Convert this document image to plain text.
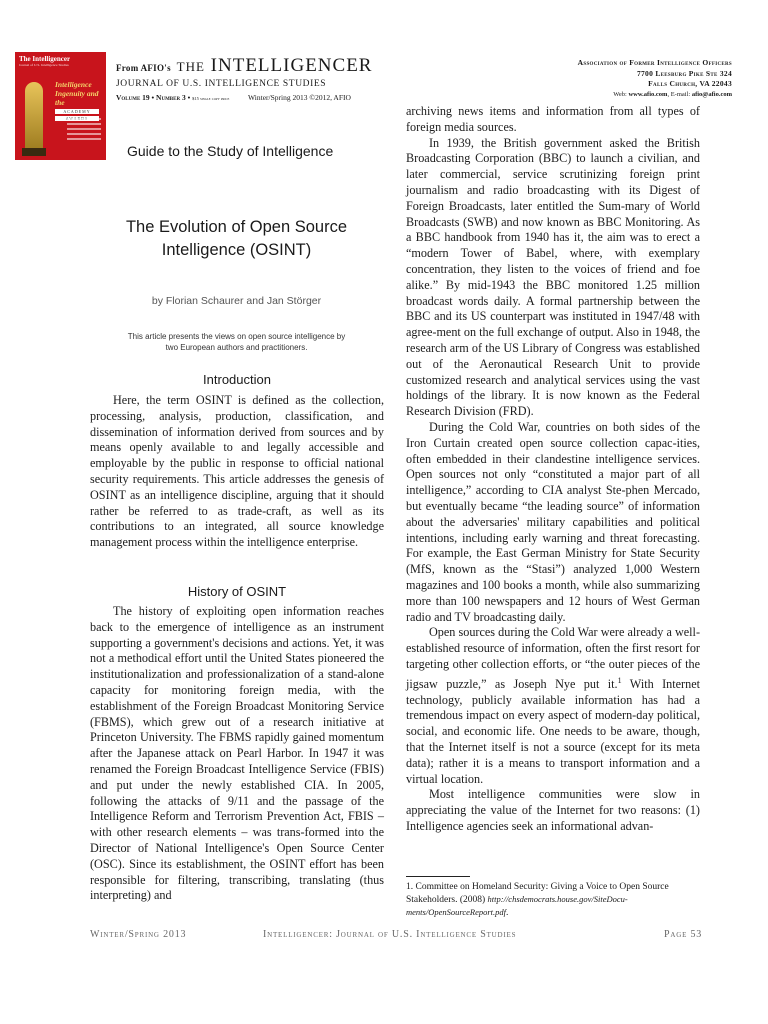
The Intelligencer
Journal of U.S. Intelligence Studies
Intelligence Ingenuity and the
ACADEMY
From AFIO's THE INTELLIGENCER
JOURNAL OF U.S. INTELLIGENCE STUDIES
Volume 19 • Number 3 • $15 single copy price Winter/Spring 2013 ©2012, AFIO
Association of Former Intelligence Officers
7700 Leesburg Pike Ste 324
Falls Church, VA 22043
Web: www.afio.com, E-mail: afio@afio.com
Guide to the Study of Intelligence
The Evolution of Open Source
Intelligence (OSINT)
by Florian Schaurer and Jan Störger
This article presents the views on open source intelligence by
two European authors and practitioners.
Introduction

Here, the term OSINT is defined as the collection, processing, analysis, production, classification, and dissemination of information derived from sources and by means openly available to and legally accessible and employable by the public in response to official national security requirements. This article addresses the genesis of OSINT as an intelligence discipline, arguing that it should rather be referred to as trade-craft, as well as its contributions to an integrated, all source knowledge management process within the intelligence enterprise.

History of OSINT

The history of exploiting open information reaches back to the emergence of intelligence as an instrument supporting a government's decisions and actions. Yet, it was not a methodical effort until the United States pioneered the institutionalization and professionalization of a stand-alone capacity for monitoring foreign media, with the establishment of the Foreign Broadcast Monitoring Service (FBMS), which grew out of a research initiative at Princeton University. The FBMS rapidly gained momentum after the Japanese attack on Pearl Harbor. In 1947 it was renamed the Foreign Broadcast Intelligence Service (FBIS) and put under the newly established CIA. In 2005, following the attacks of 9/11 and the passage of the Intelligence Reform and Terrorism Prevention Act, FBIS – with other research elements – was trans-formed into the Director of National Intelligence's Open Source Center (OSC). Since its establishment, the OSINT effort has been responsible for filtering, transcribing, translating (thus interpreting) and

archiving news items and information from all types of foreign media sources.

In 1939, the British government asked the British Broadcasting Corporation (BBC) to launch a civilian, and later commercial, service scrutinizing foreign print journalism and radio broadcasting with its Digest of Foreign Broadcasts, later entitled the Sum-mary of World Broadcasts (SWB) and now known as BBC Monitoring. As a BBC handbook from 1940 has it, the aim was to erect a “modern Tower of Babel, where, with exemplary concentration, they listen to the voices of friend and foe alike.” By mid-1943 the BBC monitored 1.25 million broadcast words daily. A formal partnership between the BBC and its US counterpart was instituted in 1947/48 with agree-ment on the full exchange of output. Also in 1948, the research arm of the US Library of Congress was established out of the Aeronautical Research Unit to provide customized research and analytical services using the vast holdings of the library. It is now known as the Federal Research Division (FRD).

During the Cold War, countries on both sides of the Iron Curtain created open source collection capac-ities, often embedded in their clandestine intelligence services. Open sources not only “constituted a major part of all intelligence,” according to CIA analyst Ste-phen Mercado, but eventually became “the leading source” of information about the adversaries' military capabilities and political intentions, including early warning and threat forecasting. For example, the East German Ministry for State Security (MfS, known as the “Stasi”) analyzed 1,000 Western magazines and 100 books a month, while also summarizing more than 100 newspapers and 12 hours of West German radio and TV broadcasting daily.

Open sources during the Cold War were already a well-established resource of information, often the first resort for targeting other collection efforts, or “the outer pieces of the jigsaw puzzle,” as Joseph Nye put it.$^1$ With Internet technology, publicly available information has had a tremendous impact on every aspect of modern-day political, social, and economic life. One needs to be aware, though, that the Internet itself is not a source (except for its meta data); rather it is a means to transport information and a virtual location.

Most intelligence communities were slow in appreciating the value of the Internet for two reasons: (1) Intelligence agencies seek an informational advan-

1. Committee on Homeland Security: Giving a Voice to Open Source Stakeholders. (2008) http://chsdemocrats.house.gov/SiteDocu-ments/OpenSourceReport.pdf.
Winter/Spring 2013	Intelligencer: Journal of U.S. Intelligence Studies	Page 53
